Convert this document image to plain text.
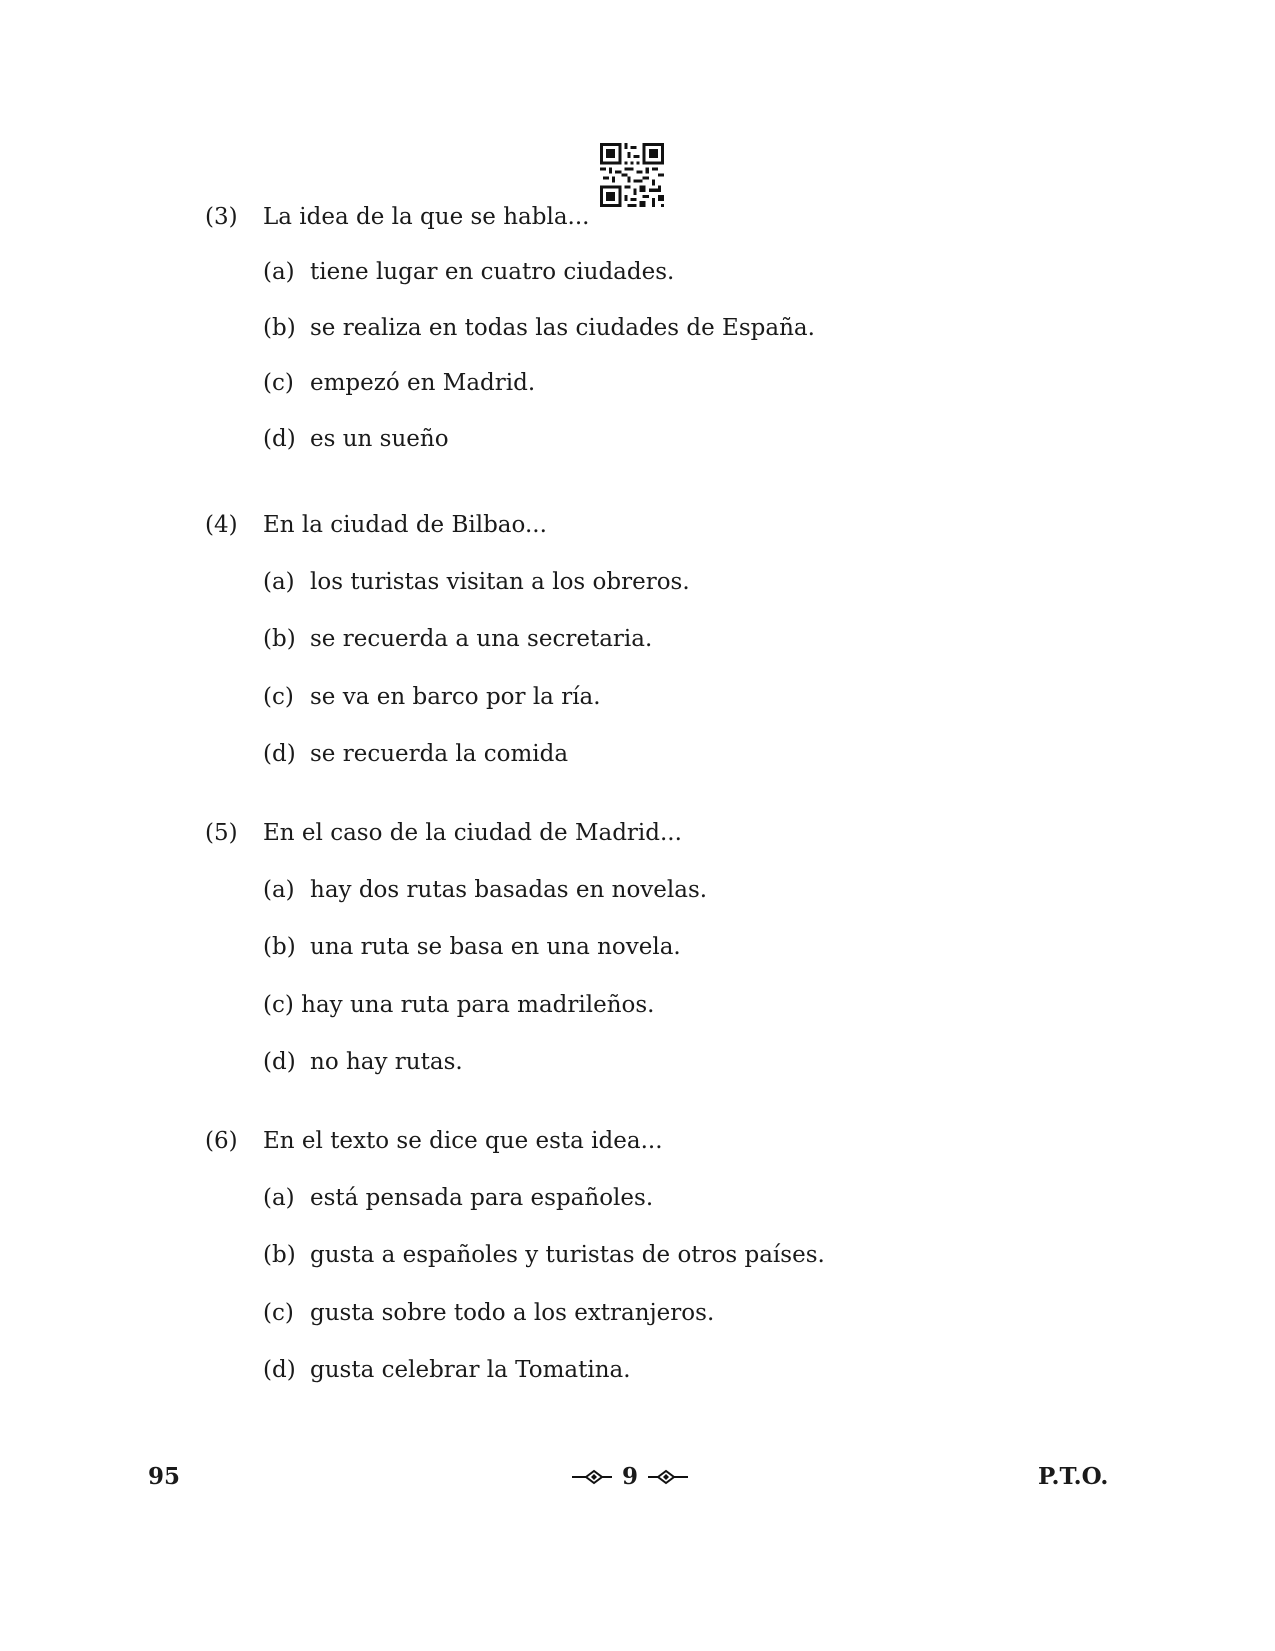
(3) La idea de la que se habla...
(a) tiene lugar en cuatro ciudades.
(b) se realiza en todas las ciudades de España.
(c) empezó en Madrid.
(d) es un sueño
(4) En la ciudad de Bilbao...
(a) los turistas visitan a los obreros.
(b) se recuerda a una secretaria.
(c) se va en barco por la ría.
(d) se recuerda la comida
(5) En el caso de la ciudad de Madrid...
(a) hay dos rutas basadas en novelas.
(b) una ruta se basa en una novela.
(c) hay una ruta para madrileños.
(d) no hay rutas.
(6) En el texto se dice que esta idea...
(a) está pensada para españoles.
(b) gusta a españoles y turistas de otros países.
(c) gusta sobre todo a los extranjeros.
(d) gusta celebrar la Tomatina.
95	9	P.T.O.
